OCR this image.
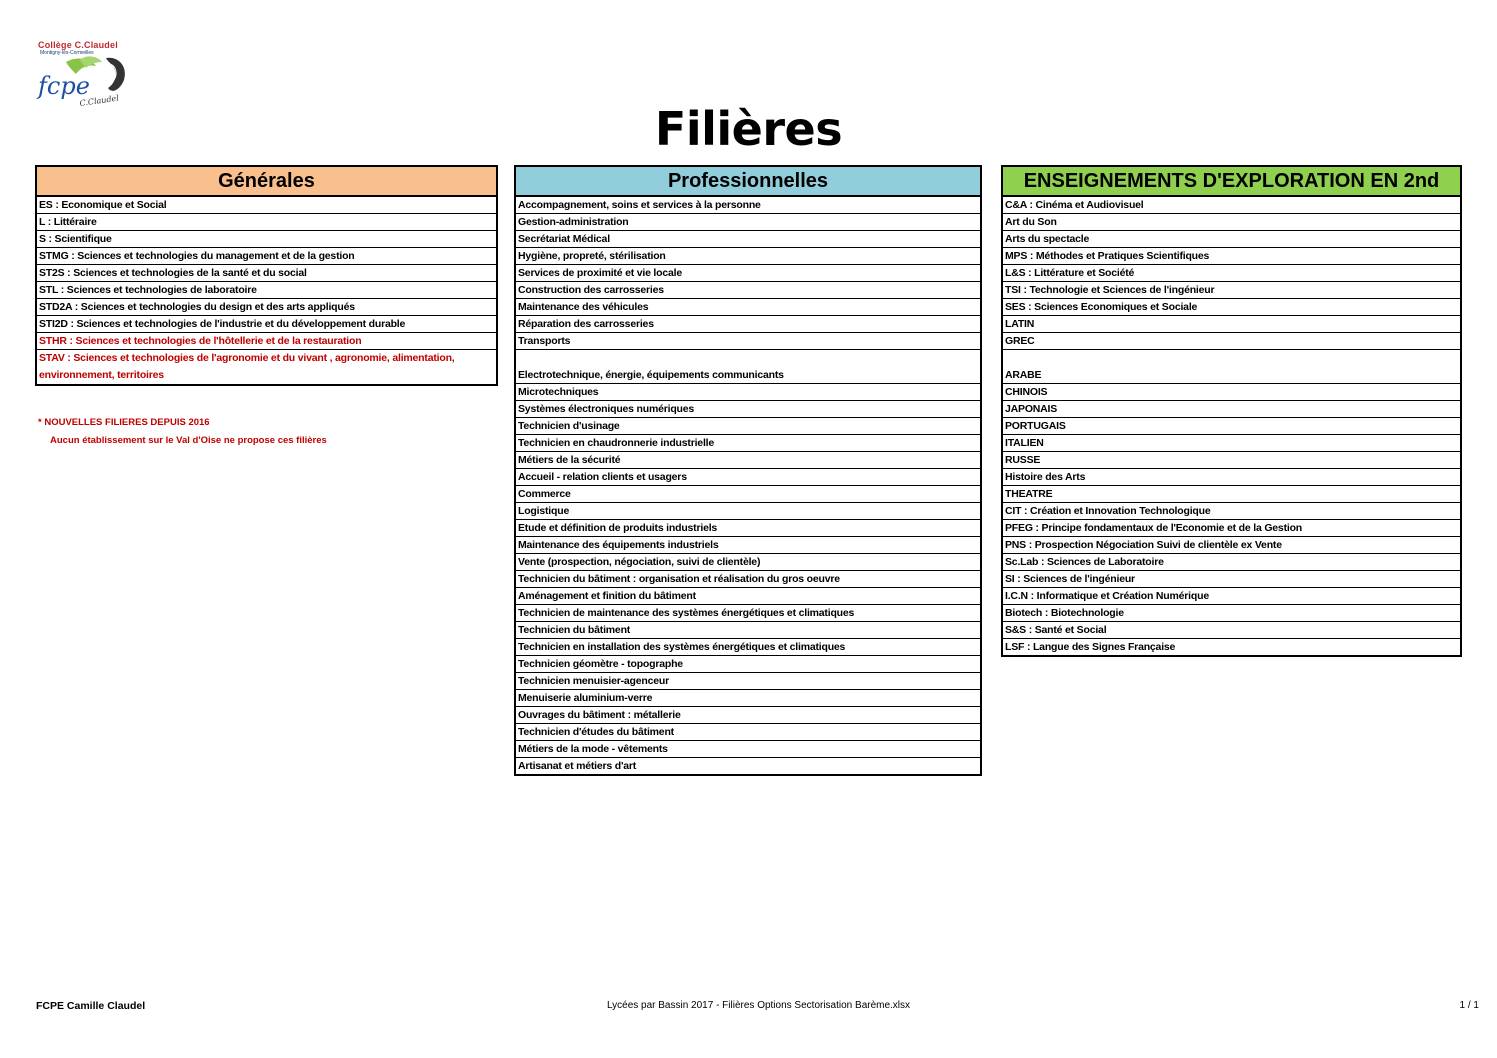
Collège C.Claudel
Montigny-lès-Cormeilles
fcpe
C.Claudel
Filières
Générales
ES : Economique et Social
L : Littéraire
S : Scientifique
STMG : Sciences et technologies du management et de la gestion
ST2S : Sciences et technologies de la santé et du social
STL : Sciences et technologies de laboratoire
STD2A : Sciences et technologies du design et des arts appliqués
STI2D : Sciences et technologies de l'industrie et du développement durable
STHR : Sciences et technologies de l'hôtellerie et de la restauration
STAV : Sciences et technologies de l'agronomie et du vivant , agronomie, alimentation, environnement, territoires
Professionnelles
Accompagnement, soins et services à la personne
Gestion-administration
Secrétariat Médical
Hygiène, propreté, stérilisation
Services de proximité et vie locale
Construction des carrosseries
Maintenance des véhicules
Réparation des carrosseries
Transports
Electrotechnique, énergie, équipements communicants
Microtechniques
Systèmes électroniques numériques
Technicien d'usinage
Technicien en chaudronnerie industrielle
Métiers de la sécurité
Accueil - relation clients et usagers
Commerce
Logistique
Etude et définition de produits industriels
Maintenance des équipements industriels
Vente (prospection, négociation, suivi de clientèle)
Technicien du bâtiment : organisation et réalisation du gros oeuvre
Aménagement et finition du bâtiment
Technicien de maintenance des systèmes énergétiques et climatiques
Technicien du bâtiment
Technicien en installation des systèmes énergétiques et climatiques
Technicien géomètre - topographe
Technicien menuisier-agenceur
Menuiserie aluminium-verre
Ouvrages du bâtiment : métallerie
Technicien d'études du bâtiment
Métiers de la mode - vêtements
Artisanat et métiers d'art
ENSEIGNEMENTS D'EXPLORATION EN 2nd
C&A : Cinéma et Audiovisuel
Art du Son
Arts du spectacle
MPS : Méthodes et Pratiques Scientifiques
L&S : Littérature et Société
TSI : Technologie et Sciences de l'ingénieur
SES : Sciences Economiques et Sociale
LATIN
GREC
ARABE
CHINOIS
JAPONAIS
PORTUGAIS
ITALIEN
RUSSE
Histoire des Arts
THEATRE
CIT : Création et Innovation Technologique
PFEG : Principe fondamentaux de l'Economie et de la Gestion
PNS : Prospection Négociation Suivi de clientèle ex Vente
Sc.Lab : Sciences de Laboratoire
SI : Sciences de l'ingénieur
I.C.N : Informatique et Création Numérique
Biotech : Biotechnologie
S&S : Santé et Social
LSF : Langue des Signes Française
* NOUVELLES FILIERES DEPUIS 2016
Aucun établissement sur le Val d'Oise ne propose ces filières
FCPE Camille Claudel	Lycées par Bassin 2017 - Filières Options Sectorisation Barème.xlsx	1 / 1
